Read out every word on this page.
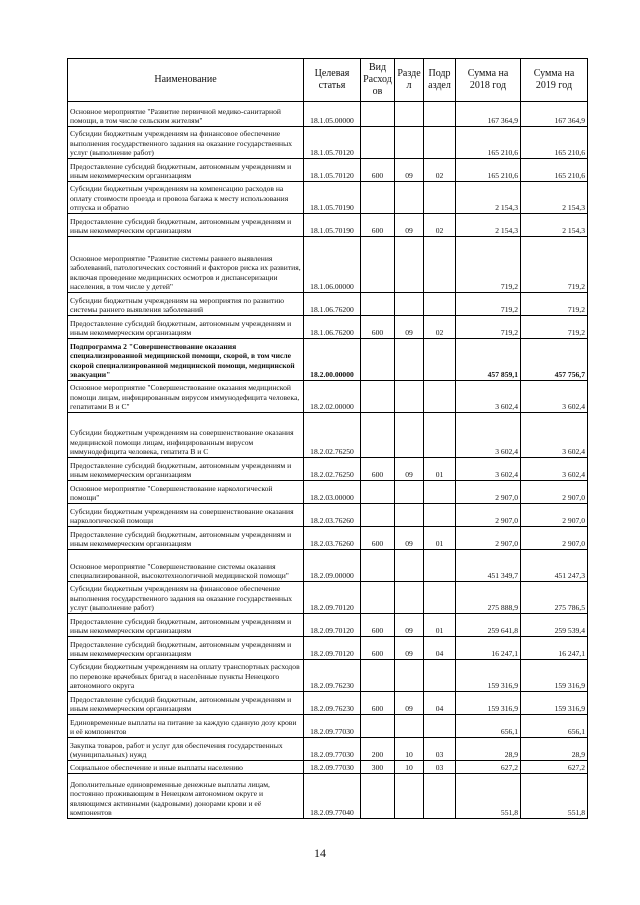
Наименование	Целевая статья	Вид Расход ов	Разде л	Подр аздел	Сумма на 2018 год	Сумма на 2019 год
Основное мероприятие "Развитие первичной медико-санитарной помощи, в том числе сельским жителям"	18.1.05.00000				167 364,9	167 364,9
Субсидии бюджетным учреждениям на финансовое обеспечение выполнения государственного задания на оказание государственных услуг (выполнение работ)	18.1.05.70120				165 210,6	165 210,6
Предоставление субсидий бюджетным, автономным учреждениям и иным некоммерческим организациям	18.1.05.70120	600	09	02	165 210,6	165 210,6
Субсидии бюджетным учреждениям на компенсацию расходов на оплату стоимости проезда и провоза багажа к месту использования отпуска и обратно	18.1.05.70190				2 154,3	2 154,3
Предоставление субсидий бюджетным, автономным учреждениям и иным некоммерческим организациям	18.1.05.70190	600	09	02	2 154,3	2 154,3
Основное мероприятие "Развитие системы раннего выявления заболеваний, патологических состояний и факторов риска их развития, включая проведение медицинских осмотров и диспансеризации населения, в том числе у детей"	18.1.06.00000				719,2	719,2
Субсидии бюджетным учреждениям на мероприятия по развитию системы раннего выявления заболеваний	18.1.06.76200				719,2	719,2
Предоставление субсидий бюджетным, автономным учреждениям и иным некоммерческим организациям	18.1.06.76200	600	09	02	719,2	719,2
Подпрограмма 2 "Совершенствование оказания специализированной медицинской помощи, скорой, в том числе скорой специализированной медицинской помощи, медицинской эвакуации"	18.2.00.00000				457 859,1	457 756,7
Основное мероприятие "Совершенствование оказания медицинской помощи лицам, инфицированным вирусом иммунодефицита человека, гепатитами B и C"	18.2.02.00000				3 602,4	3 602,4
Субсидии бюджетным учреждениям на совершенствование оказания медицинской помощи лицам, инфицированным вирусом иммунодефицита человека, гепатита B и C	18.2.02.76250				3 602,4	3 602,4
Предоставление субсидий бюджетным, автономным учреждениям и иным некоммерческим организациям	18.2.02.76250	600	09	01	3 602,4	3 602,4
Основное мероприятие "Совершенствование наркологической помощи"	18.2.03.00000				2 907,0	2 907,0
Субсидии бюджетным учреждениям на совершенствование оказания наркологической помощи	18.2.03.76260				2 907,0	2 907,0
Предоставление субсидий бюджетным, автономным учреждениям и иным некоммерческим организациям	18.2.03.76260	600	09	01	2 907,0	2 907,0
Основное мероприятие "Совершенствование системы оказания специализированной, высокотехнологичной медицинской помощи"	18.2.09.00000				451 349,7	451 247,3
Субсидии бюджетным учреждениям на финансовое обеспечение выполнения государственного задания на оказание государственных услуг (выполнение работ)	18.2.09.70120				275 888,9	275 786,5
Предоставление субсидий бюджетным, автономным учреждениям и иным некоммерческим организациям	18.2.09.70120	600	09	01	259 641,8	259 539,4
Предоставление субсидий бюджетным, автономным учреждениям и иным некоммерческим организациям	18.2.09.70120	600	09	04	16 247,1	16 247,1
Субсидии бюджетным учреждениям на оплату транспортных расходов по перевозке врачебных бригад в населённые пункты Ненецкого автономного округа	18.2.09.76230				159 316,9	159 316,9
Предоставление субсидий бюджетным, автономным учреждениям и иным некоммерческим организациям	18.2.09.76230	600	09	04	159 316,9	159 316,9
Единовременные выплаты на питание за каждую сданную дозу крови и её компонентов	18.2.09.77030				656,1	656,1
Закупка товаров, работ и услуг для обеспечения государственных (муниципальных) нужд	18.2.09.77030	200	10	03	28,9	28,9
Социальное обеспечение и иные выплаты населению	18.2.09.77030	300	10	03	627,2	627,2
Дополнительные единовременные денежные выплаты лицам, постоянно проживающим в Ненецком автономном округе и являющимся активными (кадровыми) донорами крови и её компонентов	18.2.09.77040				551,8	551,8
14
